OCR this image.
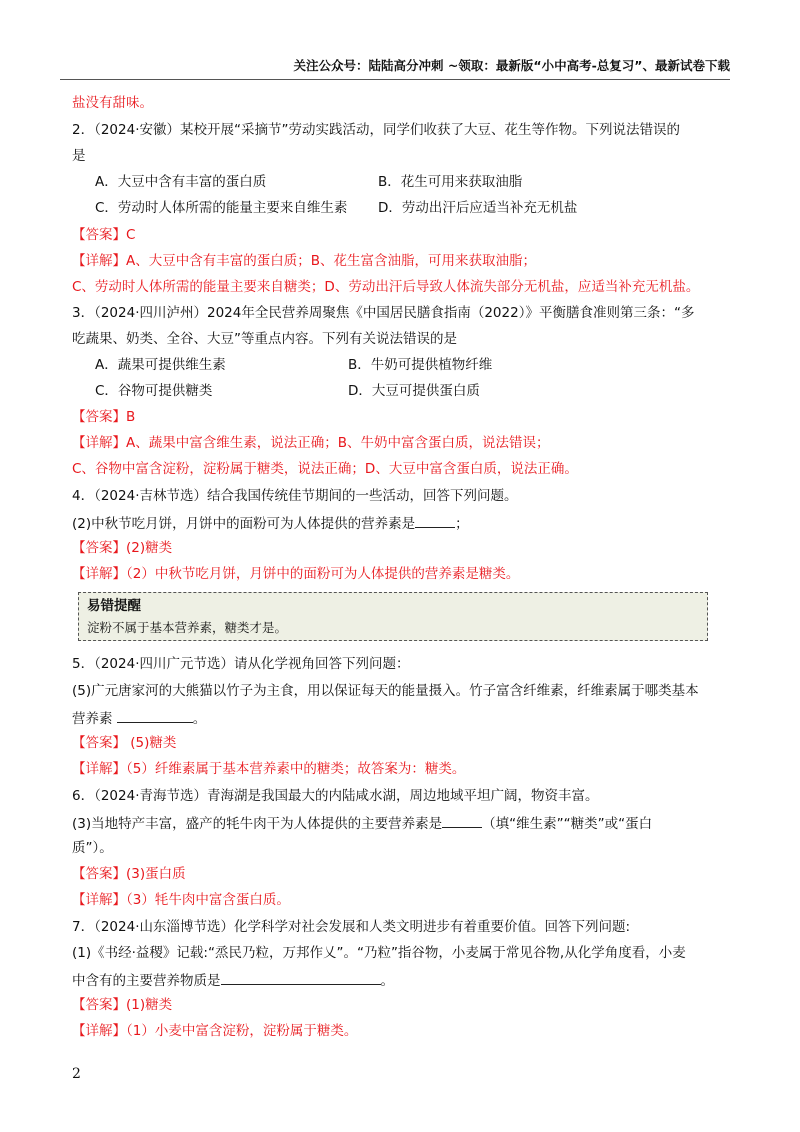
关注公众号：陆陆高分冲刺 ~领取：最新版“小中高考-总复习”、最新试卷下载
盐没有甜味。
2．（2024·安徽）某校开展“采摘节”劳动实践活动，同学们收获了大豆、花生等作物。下列说法错误的
是
A．大豆中含有丰富的蛋白质	B．花生可用来获取油脂
C．劳动时人体所需的能量主要来自维生素 D．劳动出汗后应适当补充无机盐
【答案】C
【详解】A、大豆中含有丰富的蛋白质；B、花生富含油脂，可用来获取油脂；
C、劳动时人体所需的能量主要来自糖类；D、劳动出汗后导致人体流失部分无机盐，应适当补充无机盐。
3．（2024·四川泸州）2024年全民营养周聚焦《中国居民膳食指南（2022）》平衡膳食准则第三条：“多
吃蔬果、奶类、全谷、大豆”等重点内容。下列有关说法错误的是
A．蔬果可提供维生素	B．牛奶可提供植物纤维
C．谷物可提供糖类	D．大豆可提供蛋白质
【答案】B
【详解】A、蔬果中富含维生素，说法正确；B、牛奶中富含蛋白质，说法错误；
C、谷物中富含淀粉，淀粉属于糖类，说法正确；D、大豆中富含蛋白质，说法正确。
4．（2024·吉林节选）结合我国传统佳节期间的一些活动，回答下列问题。
(2)中秋节吃月饼，月饼中的面粉可为人体提供的营养素是	；
【答案】(2)糖类
【详解】（2）中秋节吃月饼，月饼中的面粉可为人体提供的营养素是糖类。
易错提醒
淀粉不属于基本营养素，糖类才是。
5．（2024·四川广元节选）请从化学视角回答下列问题：
(5)广元唐家河的大熊猫以竹子为主食，用以保证每天的能量摄入。竹子富含纤维素，纤维素属于哪类基本
营养素	。
【答案】 (5)糖类
【详解】（5）纤维素属于基本营养素中的糖类；故答案为：糖类。
6．（2024·青海节选）青海湖是我国最大的内陆咸水湖，周边地域平坦广阔，物资丰富。
(3)当地特产丰富，盛产的牦牛肉干为人体提供的主要营养素是	（填“维生素”“糖类”或“蛋白
质”）。
【答案】(3)蛋白质
【详解】（3）牦牛肉中富含蛋白质。
7．（2024·山东淄博节选）化学科学对社会发展和人类文明进步有着重要价值。回答下列问题:
(1)《书经·益稷》记载:“烝民乃粒，万邦作乂”。“乃粒”指谷物，小麦属于常见谷物,从化学角度看，小麦
中含有的主要营养物质是	。
【答案】(1)糖类
【详解】（1）小麦中富含淀粉，淀粉属于糖类。
2
